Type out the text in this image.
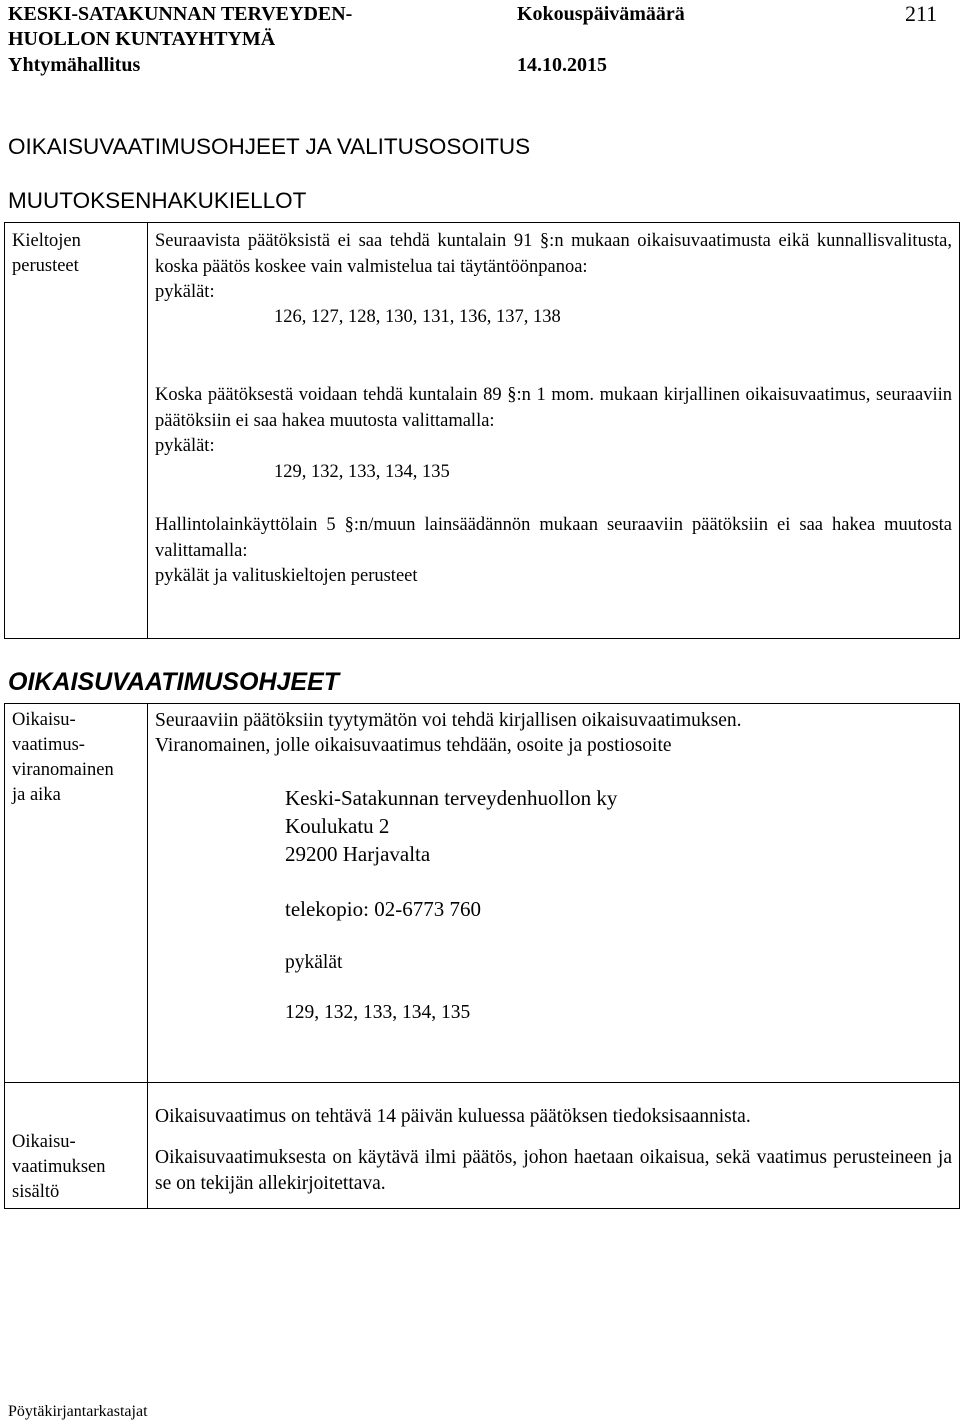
KESKI-SATAKUNNAN TERVEYDEN-
HUOLLON KUNTAYHTYMÄ
Yhtymähallitus
Kokouspäivämäärä
14.10.2015
211
OIKAISUVAATIMUSOHJEET JA VALITUSOSOITUS
MUUTOKSENHAKUKIELLOT
Kieltojen
perusteet
Seuraavista päätöksistä ei saa tehdä kuntalain 91 §:n mukaan oikaisuvaatimusta eikä kunnallisvalitusta, koska päätös koskee vain valmistelua tai täytäntöönpanoa:
pykälät:
126, 127, 128, 130, 131, 136, 137, 138
Koska päätöksestä voidaan tehdä kuntalain 89 §:n 1 mom. mukaan kirjallinen oikaisuvaatimus, seuraaviin päätöksiin ei saa hakea muutosta valittamalla:
pykälät:
129, 132, 133, 134, 135
Hallintolainkäyttölain 5 §:n/muun lainsäädännön mukaan seuraaviin päätöksiin ei saa hakea muutosta valittamalla:
pykälät ja valituskieltojen perusteet
OIKAISUVAATIMUSOHJEET
Oikaisu-
vaatimus-
viranomainen
ja aika
Seuraaviin päätöksiin tyytymätön voi tehdä kirjallisen oikaisuvaatimuksen.
Viranomainen, jolle oikaisuvaatimus tehdään, osoite ja postiosoite
Keski-Satakunnan terveydenhuollon ky
Koulukatu 2
29200 Harjavalta
telekopio: 02-6773 760
pykälät
129, 132, 133, 134, 135
Oikaisu-
vaatimuksen
sisältö
Oikaisuvaatimus on tehtävä 14 päivän kuluessa päätöksen tiedoksisaannista.
Oikaisuvaatimuksesta on käytävä ilmi päätös, johon haetaan oikaisua, sekä vaatimus perusteineen ja se on tekijän allekirjoitettava.
Pöytäkirjantarkastajat
